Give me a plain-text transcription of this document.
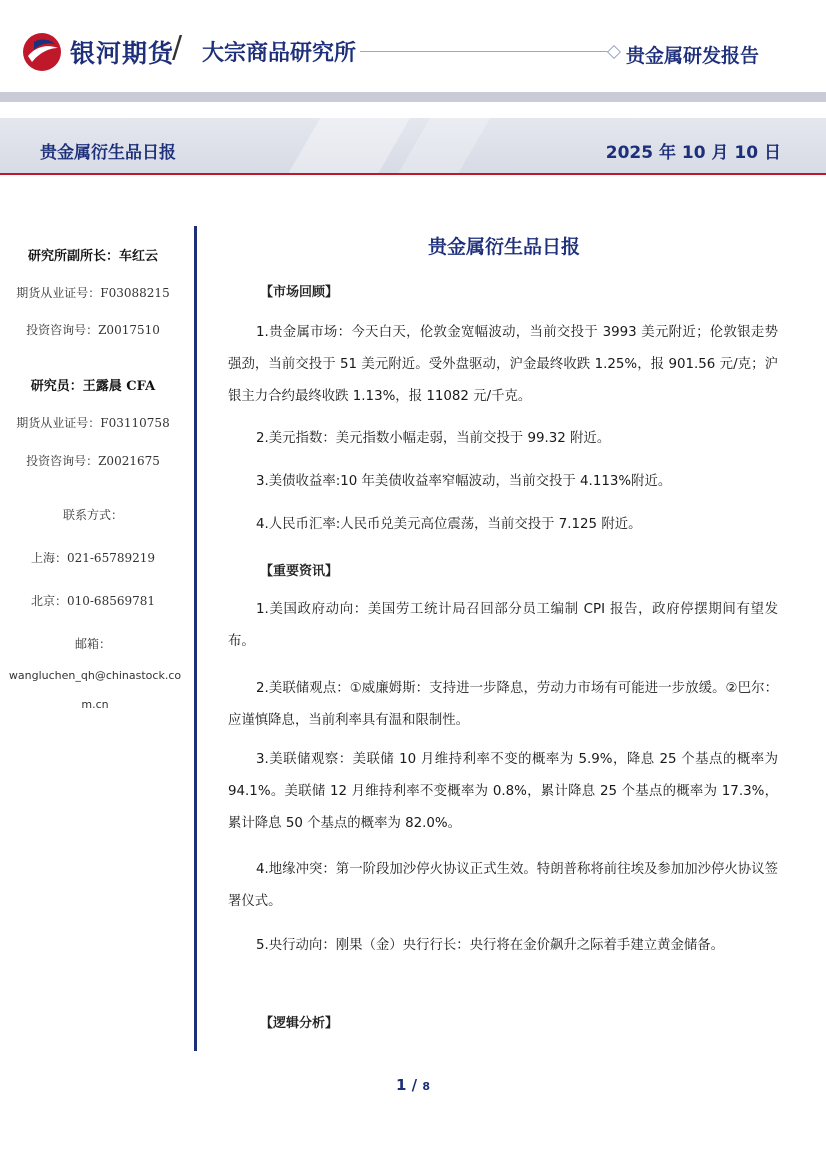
银河期货
/ 大宗商品研究所	贵金属研发报告
贵金属衍生品日报	2025 年 10 月 10 日
研究所副所长：车红云
期货从业证号：F03088215
投资咨询号：Z0017510
研究员：王露晨 CFA
期货从业证号：F03110758
投资咨询号：Z0021675
联系方式：
上海：021-65789219
北京：010-68569781
邮箱：
wangluchen_qh@chinastock.com.cn
贵金属衍生品日报
【市场回顾】
1.贵金属市场：今天白天，伦敦金宽幅波动，当前交投于 3993 美元附近；伦敦银走势强劲，当前交投于 51 美元附近。受外盘驱动，沪金最终收跌 1.25%，报 901.56 元/克；沪银主力合约最终收跌 1.13%，报 11082 元/千克。
2.美元指数：美元指数小幅走弱，当前交投于 99.32 附近。
3.美债收益率:10 年美债收益率窄幅波动，当前交投于 4.113%附近。
4.人民币汇率:人民币兑美元高位震荡，当前交投于 7.125 附近。
【重要资讯】
1.美国政府动向：美国劳工统计局召回部分员工编制 CPI 报告，政府停摆期间有望发布。
2.美联储观点：①威廉姆斯：支持进一步降息，劳动力市场有可能进一步放缓。②巴尔：应谨慎降息，当前利率具有温和限制性。
3.美联储观察：美联储 10 月维持利率不变的概率为 5.9%，降息 25 个基点的概率为 94.1%。美联储 12 月维持利率不变概率为 0.8%，累计降息 25 个基点的概率为 17.3%，累计降息 50 个基点的概率为 82.0%。
4.地缘冲突：第一阶段加沙停火协议正式生效。特朗普称将前往埃及参加加沙停火协议签署仪式。
5.央行动向：刚果（金）央行行长：央行将在金价飙升之际着手建立黄金储备。
【逻辑分析】
1 / 8
